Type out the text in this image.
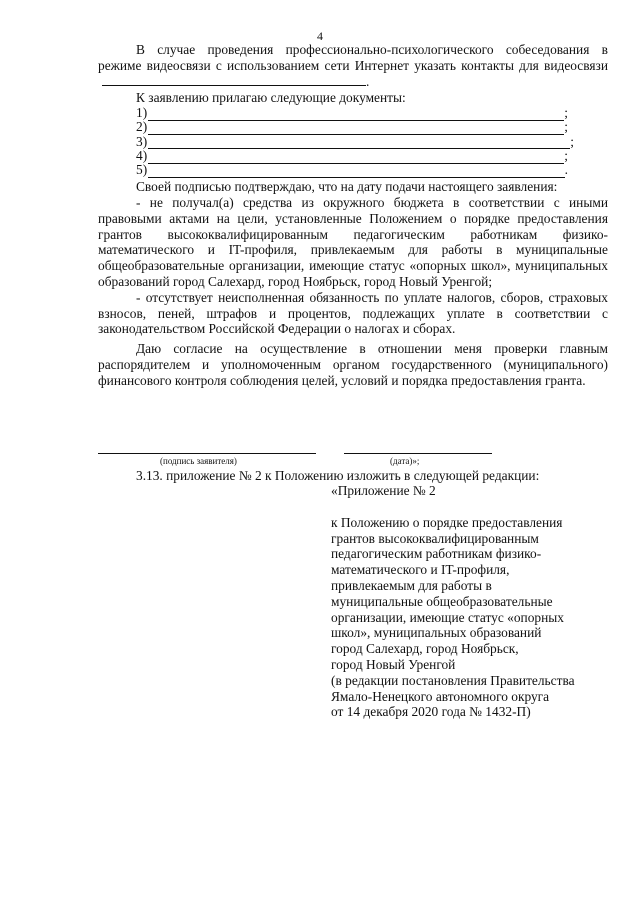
4

В случае проведения профессионально-психологического собеседования в режиме видеосвязи с использованием сети Интернет указать контакты для видеосвязи .

К заявлению прилагаю следующие документы:

1)	;
2)	;
3)	;
4)	;
5)	.

Своей подписью подтверждаю, что на дату подачи настоящего заявления:

- не получал(а) средства из окружного бюджета в соответствии с иными правовыми актами на цели, установленные Положением о порядке предоставления грантов высококвалифицированным педагогическим работникам физико-математического и IT-профиля, привлекаемым для работы в муниципальные общеобразовательные организации, имеющие статус «опорных школ», муниципальных образований город Салехард, город Ноябрьск, город Новый Уренгой;

- отсутствует неисполненная обязанность по уплате налогов, сборов, страховых взносов, пеней, штрафов и процентов, подлежащих уплате в соответствии с законодательством Российской Федерации о налогах и сборах.

Даю согласие на осуществление в отношении меня проверки главным распорядителем и уполномоченным органом государственного (муниципального) финансового контроля соблюдения целей, условий и порядка предоставления гранта.

(подпись заявителя)	(дата)»;
3.13. приложение № 2 к Положению изложить в следующей редакции:

«Приложение № 2

к Положению о порядке предоставления

грантов высококвалифицированным

педагогическим работникам физико-

математического и IT-профиля,

привлекаемым для работы в

муниципальные общеобразовательные

организации, имеющие статус «опорных

школ», муниципальных образований

город Салехард, город Ноябрьск,

город Новый Уренгой

(в редакции постановления Правительства

Ямало-Ненецкого автономного округа

от 14 декабря 2020 года № 1432-П)
